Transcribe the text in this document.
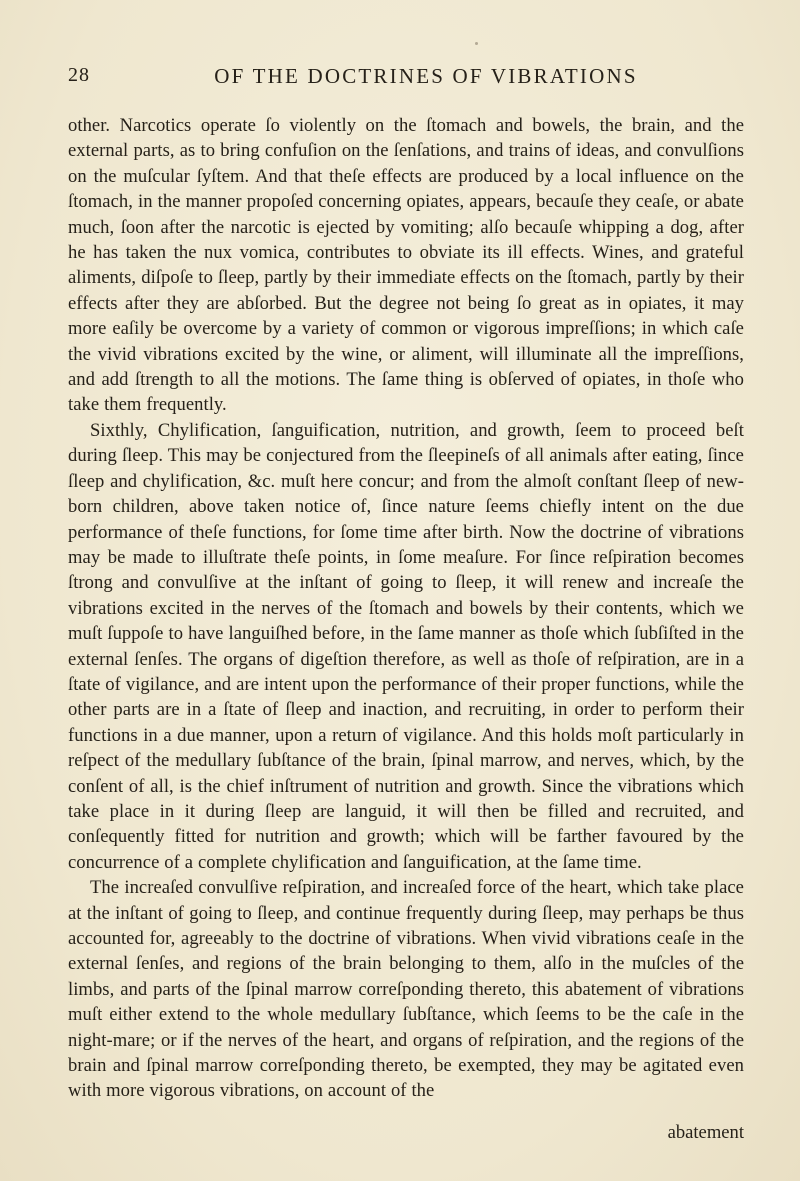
28	OF THE DOCTRINES OF VIBRATIONS

other. Narcotics operate ſo violently on the ſtomach and bowels, the brain, and the external parts, as to bring confuſion on the ſenſations, and trains of ideas, and convulſions on the muſcular ſyſtem. And that theſe effects are produced by a local influence on the ſtomach, in the manner propoſed concerning opiates, appears, becauſe they ceaſe, or abate much, ſoon after the narcotic is ejected by vomiting; alſo becauſe whipping a dog, after he has taken the nux vomica, contributes to obviate its ill effects. Wines, and grateful aliments, diſpoſe to ſleep, partly by their immediate effects on the ſtomach, partly by their effects after they are abſorbed. But the degree not being ſo great as in opiates, it may more eaſily be overcome by a variety of common or vigorous impreſſions; in which caſe the vivid vibrations excited by the wine, or aliment, will illuminate all the impreſſions, and add ſtrength to all the motions. The ſame thing is obſerved of opiates, in thoſe who take them frequently.

Sixthly, Chylification, ſanguification, nutrition, and growth, ſeem to proceed beſt during ſleep. This may be conjectured from the ſleepineſs of all animals after eating, ſince ſleep and chylification, &c. muſt here concur; and from the almoſt conſtant ſleep of new-born children, above taken notice of, ſince nature ſeems chiefly intent on the due performance of theſe functions, for ſome time after birth. Now the doctrine of vibrations may be made to illuſtrate theſe points, in ſome meaſure. For ſince reſpiration becomes ſtrong and convulſive at the inſtant of going to ſleep, it will renew and increaſe the vibrations excited in the nerves of the ſtomach and bowels by their contents, which we muſt ſuppoſe to have languiſhed before, in the ſame manner as thoſe which ſubſiſted in the external ſenſes. The organs of digeſtion therefore, as well as thoſe of reſpiration, are in a ſtate of vigilance, and are intent upon the performance of their proper functions, while the other parts are in a ſtate of ſleep and inaction, and recruiting, in order to perform their functions in a due manner, upon a return of vigilance. And this holds moſt particularly in reſpect of the medullary ſubſtance of the brain, ſpinal marrow, and nerves, which, by the conſent of all, is the chief inſtrument of nutrition and growth. Since the vibrations which take place in it during ſleep are languid, it will then be filled and recruited, and conſequently fitted for nutrition and growth; which will be farther favoured by the concurrence of a complete chylification and ſanguification, at the ſame time.

The increaſed convulſive reſpiration, and increaſed force of the heart, which take place at the inſtant of going to ſleep, and continue frequently during ſleep, may perhaps be thus accounted for, agreeably to the doctrine of vibrations. When vivid vibrations ceaſe in the external ſenſes, and regions of the brain belonging to them, alſo in the muſcles of the limbs, and parts of the ſpinal marrow correſponding thereto, this abatement of vibrations muſt either extend to the whole medullary ſubſtance, which ſeems to be the caſe in the night-mare; or if the nerves of the heart, and organs of reſpiration, and the regions of the brain and ſpinal marrow correſponding thereto, be exempted, they may be agitated even with more vigorous vibrations, on account of the

abatement
